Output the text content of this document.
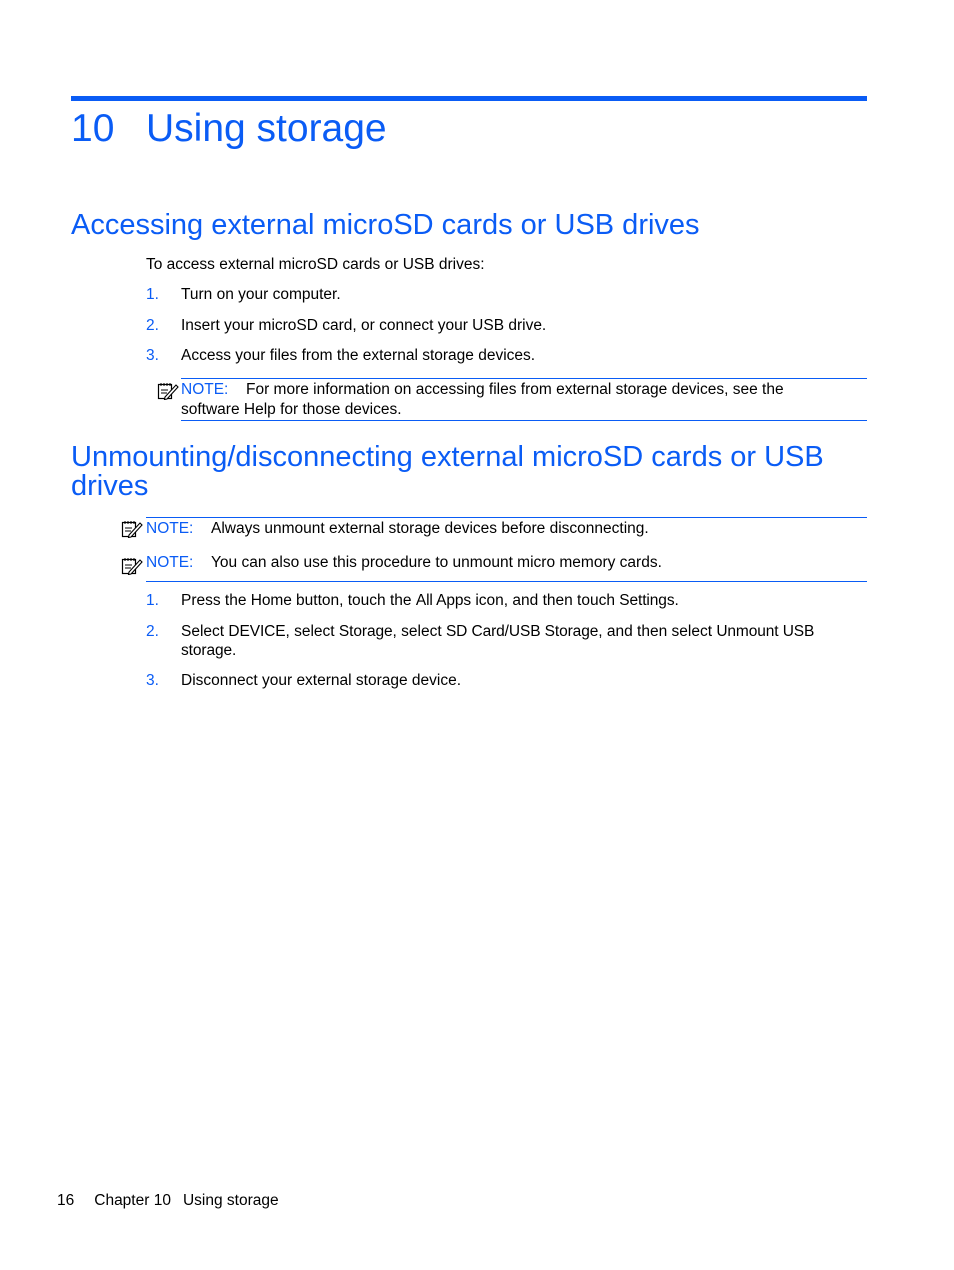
10 Using storage
Accessing external microSD cards or USB drives
To access external microSD cards or USB drives:
1. Turn on your computer.
2. Insert your microSD card, or connect your USB drive.
3. Access your files from the external storage devices.
NOTE: For more information on accessing files from external storage devices, see the
software Help for those devices.
Unmounting/disconnecting external microSD cards or USB
drives
NOTE: Always unmount external storage devices before disconnecting.
NOTE: You can also use this procedure to unmount micro memory cards.
1. Press the Home button, touch the All Apps icon, and then touch Settings.
2. Select DEVICE, select Storage, select SD Card/USB Storage, and then select Unmount USB
storage.
3. Disconnect your external storage device.
16 Chapter 10 Using storage
